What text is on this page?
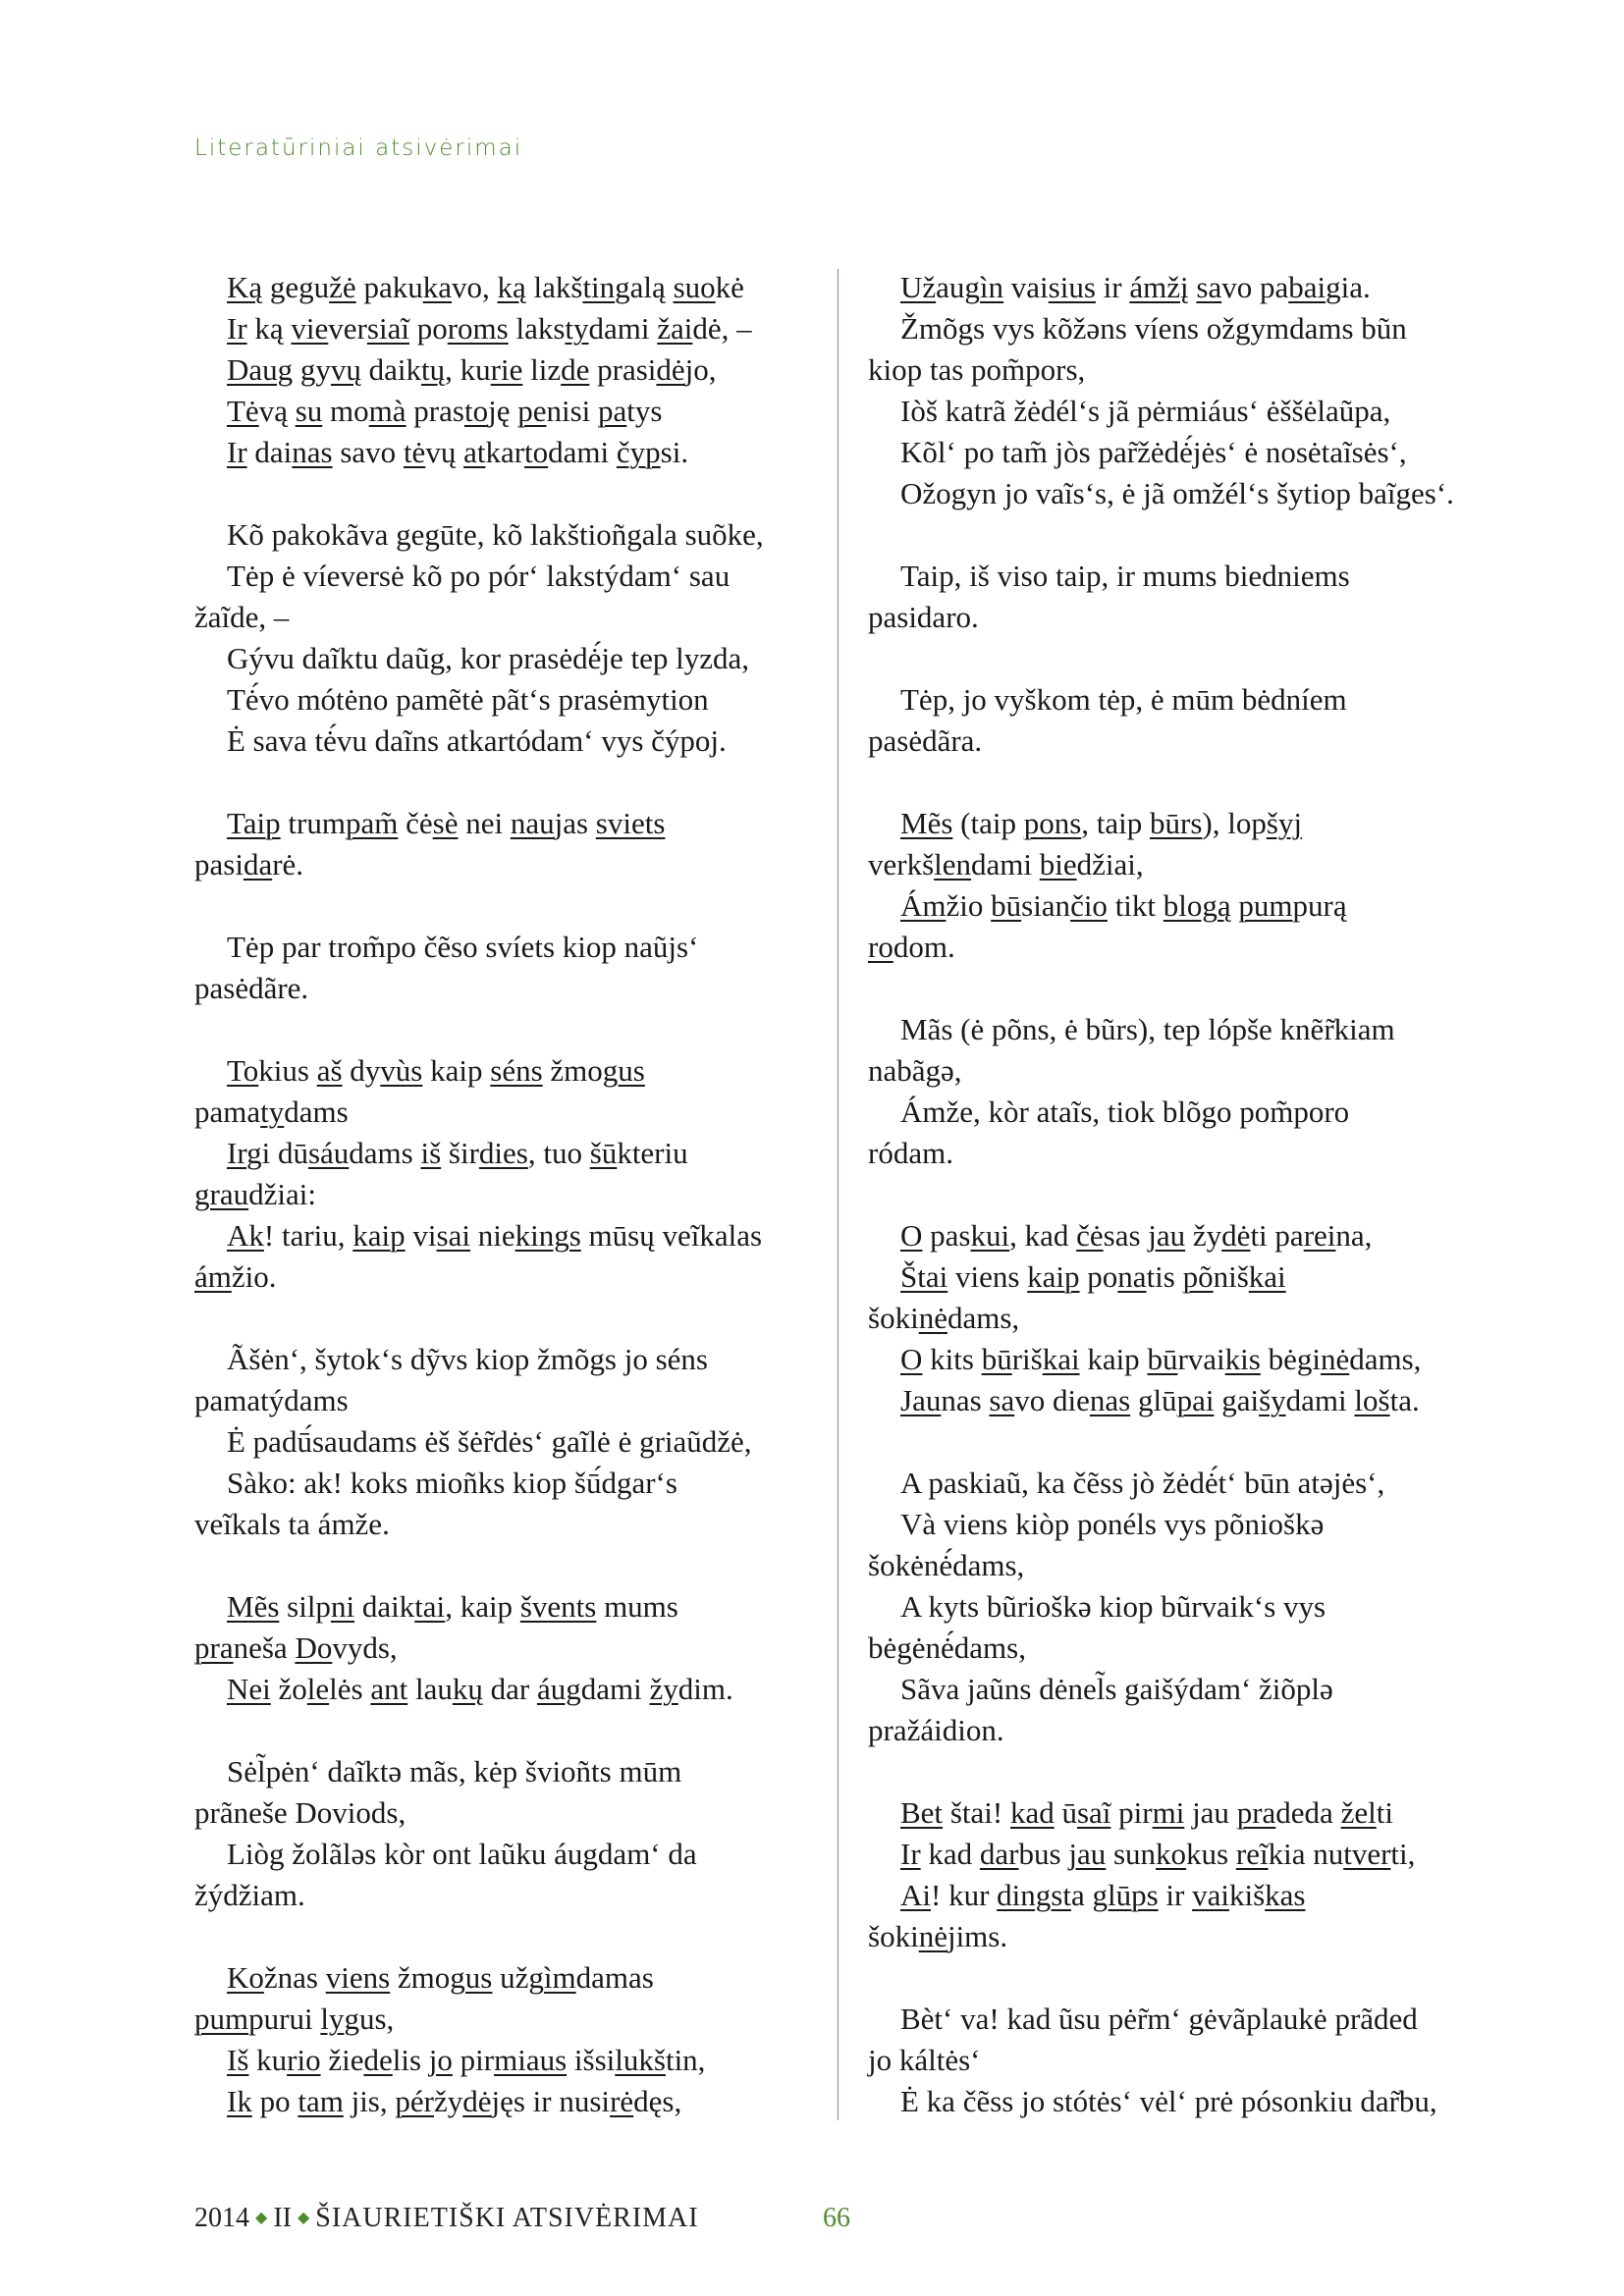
Literatūriniai atsivėrimai
Ką gegužė pakukavo, ką lakštingalą suokė
Ir ką vieversiaĩ poroms lakstydami žaidė, –
Daug gyvų daiktų, kurie lizde prasidėjo,
Tėvą su momà prastoję penisi patys
Ir dainas savo tėvų atkartodami čypsi.
Kõ pakokãva gegūte, kõ lakštioñgala suõke,
Tėp ė víeversė kõ po pór‘ lakstýdam‘ sau
žaĩde, –
Gývu daĩktu daũg, kor prasėdė́je tep lyzda,
Tė́vo mótėno pamẽtė pãt‘s prasėmytion
Ė sava tė́vu daĩns atkartódam‘ vys čýpoj.
Taip trumpam̃ čėsè nei naujas sviets
pasidarė.
Tėp par trom̃po čẽso svíets kiop naũjs‘
pasėdãre.
Tokius aš dyvùs kaip séns žmogus
pamatydams
Irgi dūsáudams iš širdies, tuo šūkteriu
graudžiai:
Ak! tariu, kaip visai niekings mūsų veĩkalas
ámžio.
Ãšėn‘, šytok‘s dỹvs kiop žmõgs jo séns
pamatýdams
Ė padū́saudams ėš šėr̃dės‘ gaĩlė ė griaũdžė,
Sàko: ak! koks mioñks kiop šū́dgar‘s
veĩkals ta ámže.
Mẽs silpni daiktai, kaip švents mums
praneša Dovyds,
Nei žolelės ant laukų dar áugdami žydim.
Sėl̃pėn‘ daĩktə mãs, kėp švioñts mūm
prãneše Doviods,
Liòg žolãləs kòr ont laũku áugdam‘ da
žýdžiam.
Kožnas viens žmogus užgìmdamas
pumpurui lygus,
Iš kurio žiedelis jo pirmiaus išsilukštin,
Ik po tam jis, péržydėjęs ir nusirėdęs,
Užaugìn vaisius ir ámžį savo pabaigia.
Žmõgs vys kõžəns víens ožgymdams bũn
kiop tas pom̃pors,
Iòš katrã žėdél‘s jã pėrmiáus‘ ėššėlaũpa,
Kõl‘ po tam̃ jòs par̃žėdė́jės‘ ė nosėtaĩsės‘,
Ožogyn jo vaĩs‘s, ė jã omžél‘s šytiop baĩges‘.
Taip, iš viso taip, ir mums biedniems
pasidaro.
Tėp, jo vyškom tėp, ė mūm bėdníem
pasėdãra.
Mẽs (taip pons, taip būrs), lopšyj
verkšlendami biedžiai,
Ámžio būsiančio tikt blogą pumpurą
rodom.
Mãs (ė põns, ė bũrs), tep lópše knẽr̃kiam
nabãgə,
Ámže, kòr ataĩs, tiok blõgo pom̃poro
ródam.
O paskui, kad čėsas jau žydėti pareina,
Štai viens kaip ponatis põniškai
šokinėdams,
O kits būriškai kaip būrvaikis bėginėdams,
Jaunas savo dienas glūpai gaišydami lošta.
A paskiaũ, ka čẽss jò žėdė́t‘ būn atəjės‘,
Và viens kiòp ponéls vys põnioškə
šokėnė́dams,
A kyts bũrioškə kiop bũrvaik‘s vys
bėgėnė́dams,
Sãva jaũns dėnel̃s gaišýdam‘ žiõplə
pražáidion.
Bet štai! kad ūsaĩ pirmi jau pradeda želti
Ir kad darbus jau sunkokus reĩkia nutverti,
Ai! kur dingsta glūps ir vaikiškas
šokinėjims.
Bèt‘ va! kad ũsu pėr̃m‘ gėvãplaukė prãded
jo káltės‘
Ė ka čẽss jo stótės‘ vėl‘ prė pósonkiu dar̃bu,
2014 ◆ II ◆ ŠIAURIETIŠKI ATSIVĖRIMAI	66
